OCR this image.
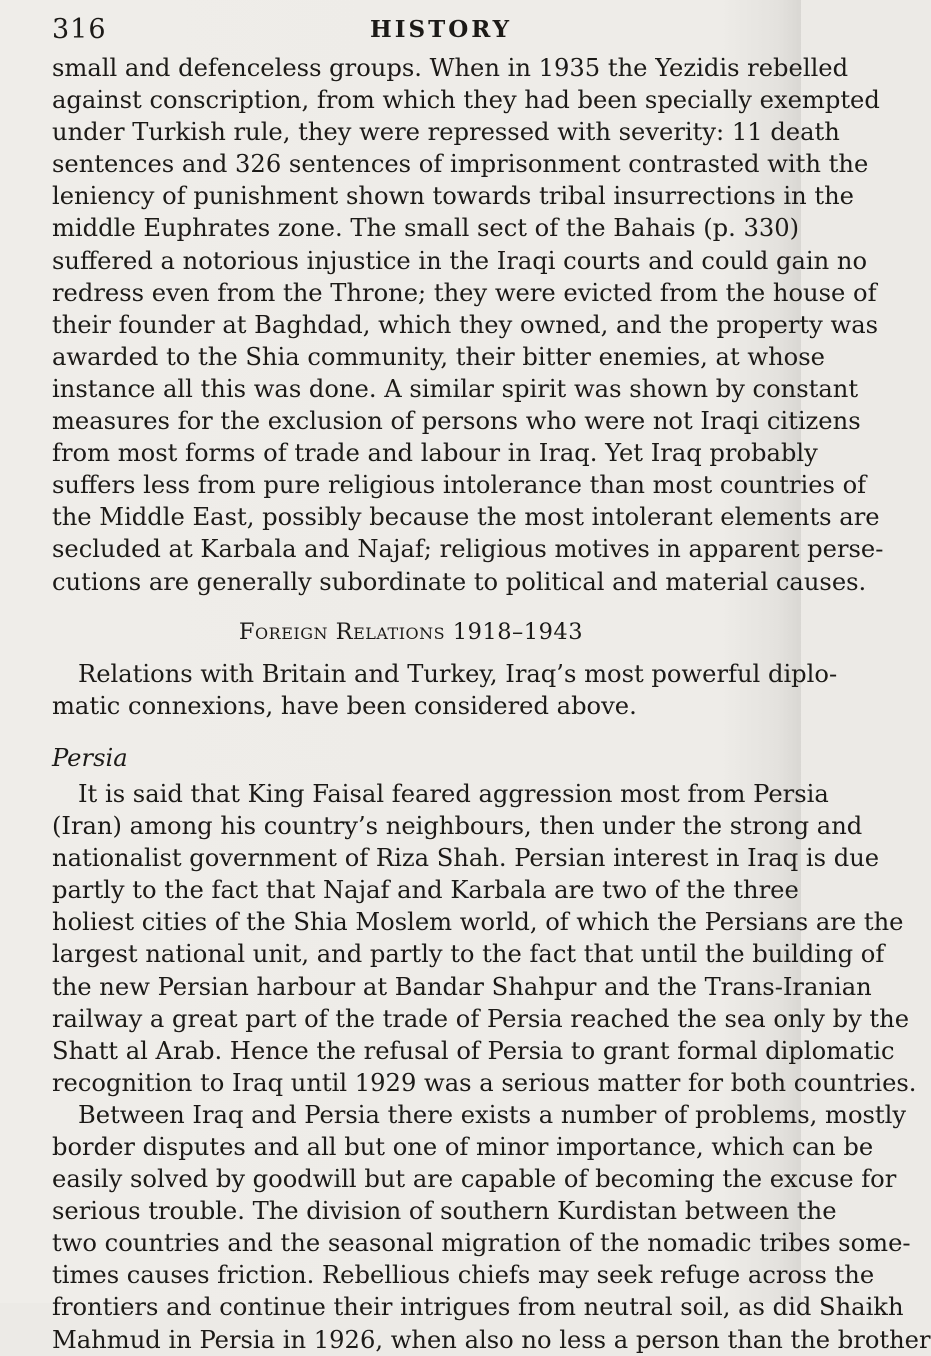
316	HISTORY
small and defenceless groups. When in 1935 the Yezidis rebelled
against conscription, from which they had been specially exempted
under Turkish rule, they were repressed with severity: 11 death
sentences and 326 sentences of imprisonment contrasted with the
leniency of punishment shown towards tribal insurrections in the
middle Euphrates zone. The small sect of the Bahais (p. 330)
suffered a notorious injustice in the Iraqi courts and could gain no
redress even from the Throne; they were evicted from the house of
their founder at Baghdad, which they owned, and the property was
awarded to the Shia community, their bitter enemies, at whose
instance all this was done. A similar spirit was shown by constant
measures for the exclusion of persons who were not Iraqi citizens
from most forms of trade and labour in Iraq. Yet Iraq probably
suffers less from pure religious intolerance than most countries of
the Middle East, possibly because the most intolerant elements are
secluded at Karbala and Najaf; religious motives in apparent perse-
cutions are generally subordinate to political and material causes.
Foreign Relations 1918–1943
Relations with Britain and Turkey, Iraq’s most powerful diplo-
matic connexions, have been considered above.
Persia
It is said that King Faisal feared aggression most from Persia
(Iran) among his country’s neighbours, then under the strong and
nationalist government of Riza Shah. Persian interest in Iraq is due
partly to the fact that Najaf and Karbala are two of the three
holiest cities of the Shia Moslem world, of which the Persians are the
largest national unit, and partly to the fact that until the building of
the new Persian harbour at Bandar Shahpur and the Trans-Iranian
railway a great part of the trade of Persia reached the sea only by the
Shatt al Arab. Hence the refusal of Persia to grant formal diplomatic
recognition to Iraq until 1929 was a serious matter for both countries.
Between Iraq and Persia there exists a number of problems, mostly
border disputes and all but one of minor importance, which can be
easily solved by goodwill but are capable of becoming the excuse for
serious trouble. The division of southern Kurdistan between the
two countries and the seasonal migration of the nomadic tribes some-
times causes friction. Rebellious chiefs may seek refuge across the
frontiers and continue their intrigues from neutral soil, as did Shaikh
Mahmud in Persia in 1926, when also no less a person than the brother
